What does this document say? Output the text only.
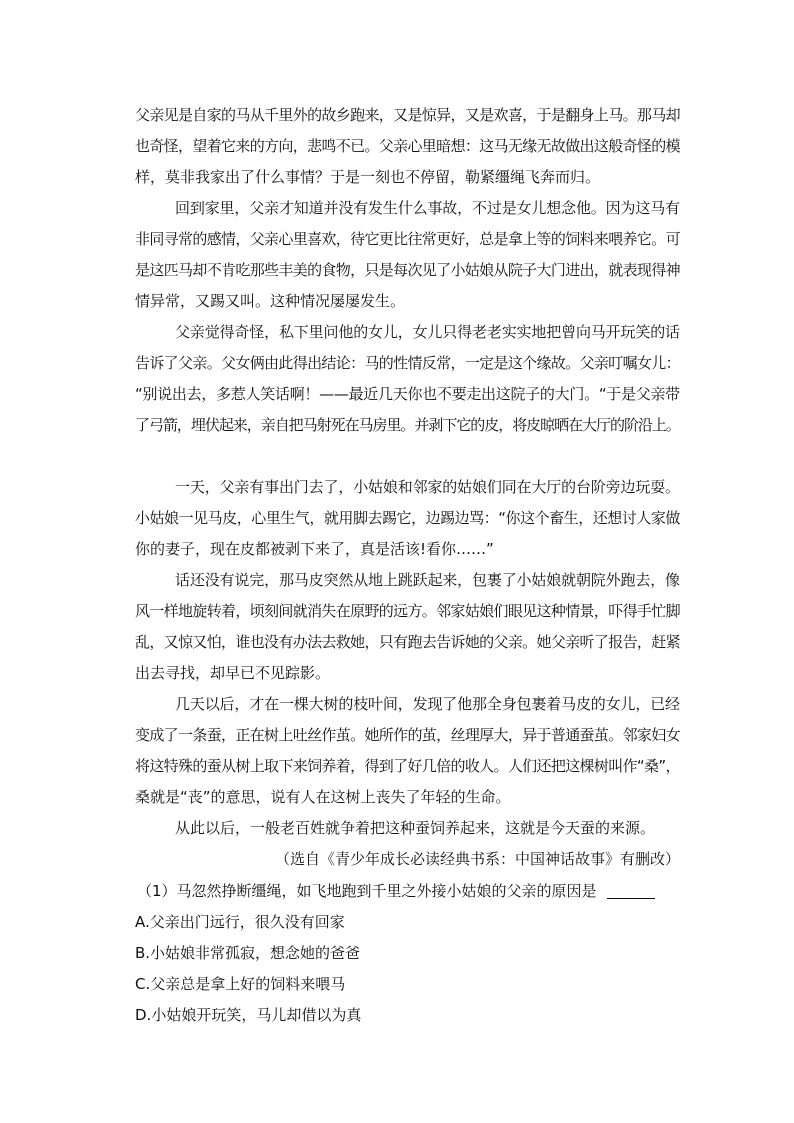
父亲见是自家的马从千里外的故乡跑来，又是惊异，又是欢喜，于是翻身上马。那马却
也奇怪，望着它来的方向，悲鸣不已。父亲心里暗想：这马无缘无故做出这般奇怪的模
样，莫非我家出了什么事情？于是一刻也不停留，勒紧缰绳飞奔而归。
回到家里，父亲才知道并没有发生什么事故，不过是女儿想念他。因为这马有
非同寻常的感情，父亲心里喜欢，待它更比往常更好，总是拿上等的饲料来喂养它。可
是这匹马却不肯吃那些丰美的食物，只是每次见了小姑娘从院子大门进出，就表现得神
情异常，又踢又叫。这种情况屡屡发生。
父亲觉得奇怪，私下里问他的女儿，女儿只得老老实实地把曾向马开玩笑的话
告诉了父亲。父女俩由此得出结论：马的性情反常，一定是这个缘故。父亲叮嘱女儿：
“别说出去，多惹人笑话啊！——最近几天你也不要走出这院子的大门。“于是父亲带
了弓箭，埋伏起来，亲自把马射死在马房里。并剥下它的皮，将皮晾晒在大厅的阶沿上。
一天，父亲有事出门去了，小姑娘和邻家的姑娘们同在大厅的台阶旁边玩耍。
小姑娘一见马皮，心里生气，就用脚去踢它，边踢边骂：“你这个畜生，还想讨人家做
你的妻子，现在皮都被剥下来了，真是活该!看你……”
话还没有说完，那马皮突然从地上跳跃起来，包裹了小姑娘就朝院外跑去，像
风一样地旋转着，顷刻间就消失在原野的远方。邻家姑娘们眼见这种情景，吓得手忙脚
乱，又惊又怕，谁也没有办法去救她，只有跑去告诉她的父亲。她父亲听了报告，赶紧
出去寻找，却早已不见踪影。
几天以后，才在一棵大树的枝叶间，发现了他那全身包裹着马皮的女儿，已经
变成了一条蚕，正在树上吐丝作茧。她所作的茧，丝理厚大，异于普通蚕茧。邻家妇女
将这特殊的蚕从树上取下来饲养着，得到了好几倍的收人。人们还把这棵树叫作“桑”，
桑就是“丧”的意思，说有人在这树上丧失了年轻的生命。
从此以后，一般老百姓就争着把这种蚕饲养起来，这就是今天蚕的来源。
（选自《青少年成长必读经典书系：中国神话故事》有删改）
（1）马忽然挣断缰绳，如飞地跑到千里之外接小姑娘的父亲的原因是
A.父亲出门远行，很久没有回家
B.小姑娘非常孤寂，想念她的爸爸
C.父亲总是拿上好的饲料来喂马
D.小姑娘开玩笑，马儿却借以为真
